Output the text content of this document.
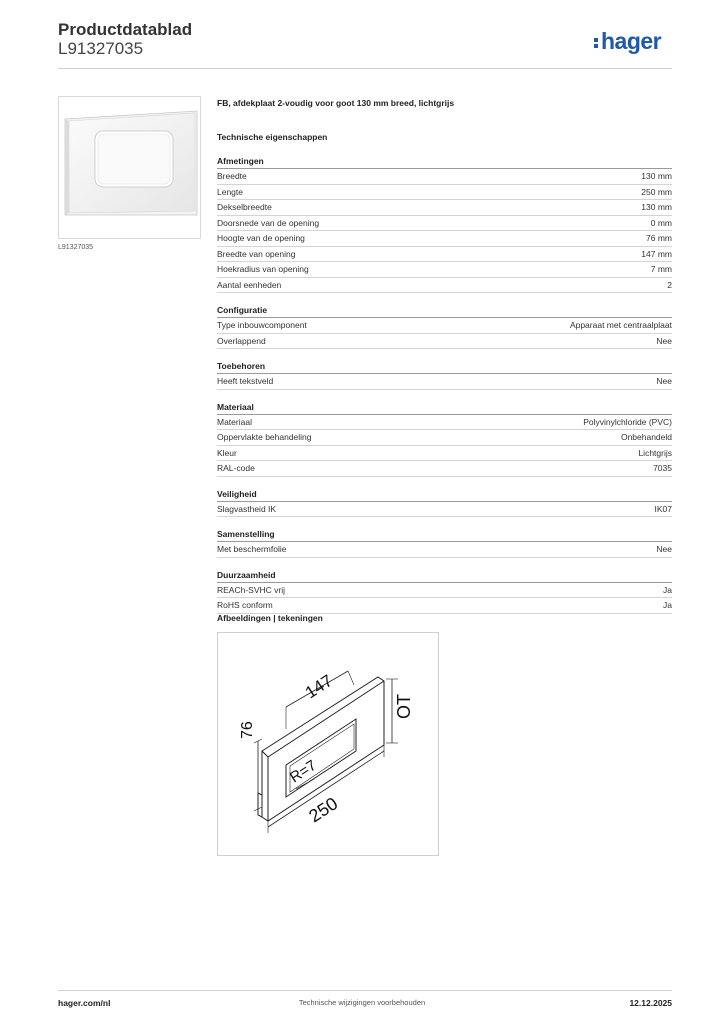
Productdatablad
L91327035	hager
L91327035
FB, afdekplaat 2-voudig voor goot 130 mm breed, lichtgrijs
Technische eigenschappen
Afmetingen
Breedte	130 mm
Lengte	250 mm
Dekselbreedte	130 mm
Doorsnede van de opening	0 mm
Hoogte van de opening	76 mm
Breedte van opening	147 mm
Hoekradius van opening	7 mm
Aantal eenheden	2
Configuratie
Type inbouwcomponent	Apparaat met centraalplaat
Overlappend	Nee
Toebehoren
Heeft tekstveld	Nee
Materiaal
Materiaal	Polyvinylchloride (PVC)
Oppervlakte behandeling	Onbehandeld
Kleur	Lichtgrijs
RAL-code	7035
Veiligheid
Slagvastheid IK	IK07
Samenstelling
Met beschermfolie	Nee
Duurzaamheid
REACh-SVHC vrij	Ja
RoHS conform	Ja
Afbeeldingen | tekeningen
147
76
R=7
250
OT
hager.com/nl	Technische wijzigingen voorbehouden	12.12.2025
